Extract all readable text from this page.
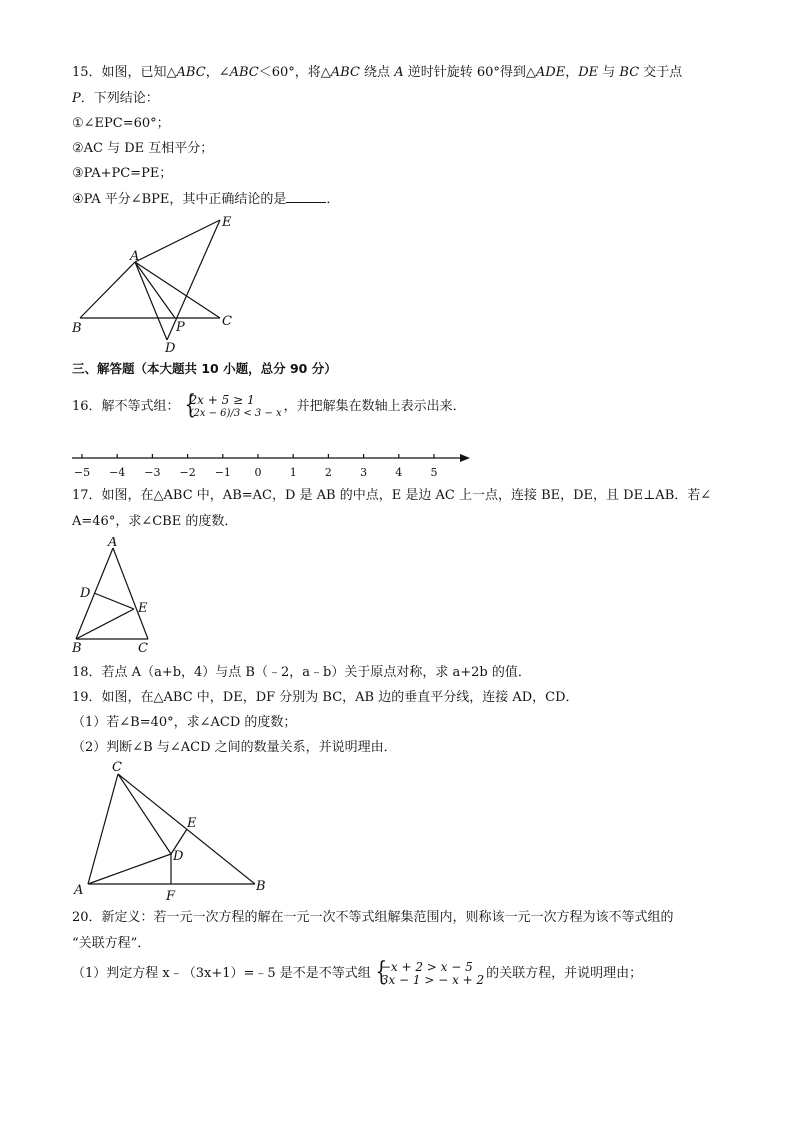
15．如图，已知△ABC，∠ABC＜60°，将△ABC 绕点 A 逆时针旋转 60°得到△ADE，DE 与 BC 交于点
P．下列结论：
①∠EPC=60°；
②AC 与 DE 互相平分；
③PA+PC=PE；
④PA 平分∠BPE，其中正确结论的是	．
A
B	C
D
E
P
三、解答题（本大题共 10 小题，总分 90 分）
16．解不等式组： {
2x + 5 ≥ 1
(2x − 6)/3 < 3 − x ，并把解集在数轴上表示出来．
−5 −4 −3 −2 −1 0	1	2	3	4	5
17．如图，在△ABC 中，AB=AC，D 是 AB 的中点，E 是边 AC 上一点，连接 BE，DE，且 DE⊥AB．若∠
A=46°，求∠CBE 的度数．
A
D
E
B	C
18．若点 A（a+b，4）与点 B（﹣2，a﹣b）关于原点对称，求 a+2b 的值．
19．如图，在△ABC 中，DE，DF 分别为 BC，AB 边的垂直平分线，连接 AD，CD．
（1）若∠B=40°，求∠ACD 的度数；
（2）判断∠B 与∠ACD 之间的数量关系，并说明理由．
C
E
D
A	F
B
20．新定义：若一元一次方程的解在一元一次不等式组解集范围内，则称该一元一次方程为该不等式组的
“关联方程”．
（1）判定方程 x﹣（3x+1）=﹣5 是不是不等式组 {
−x + 2 > x − 5
3x − 1 > − x + 2 的关联方程，并说明理由；
